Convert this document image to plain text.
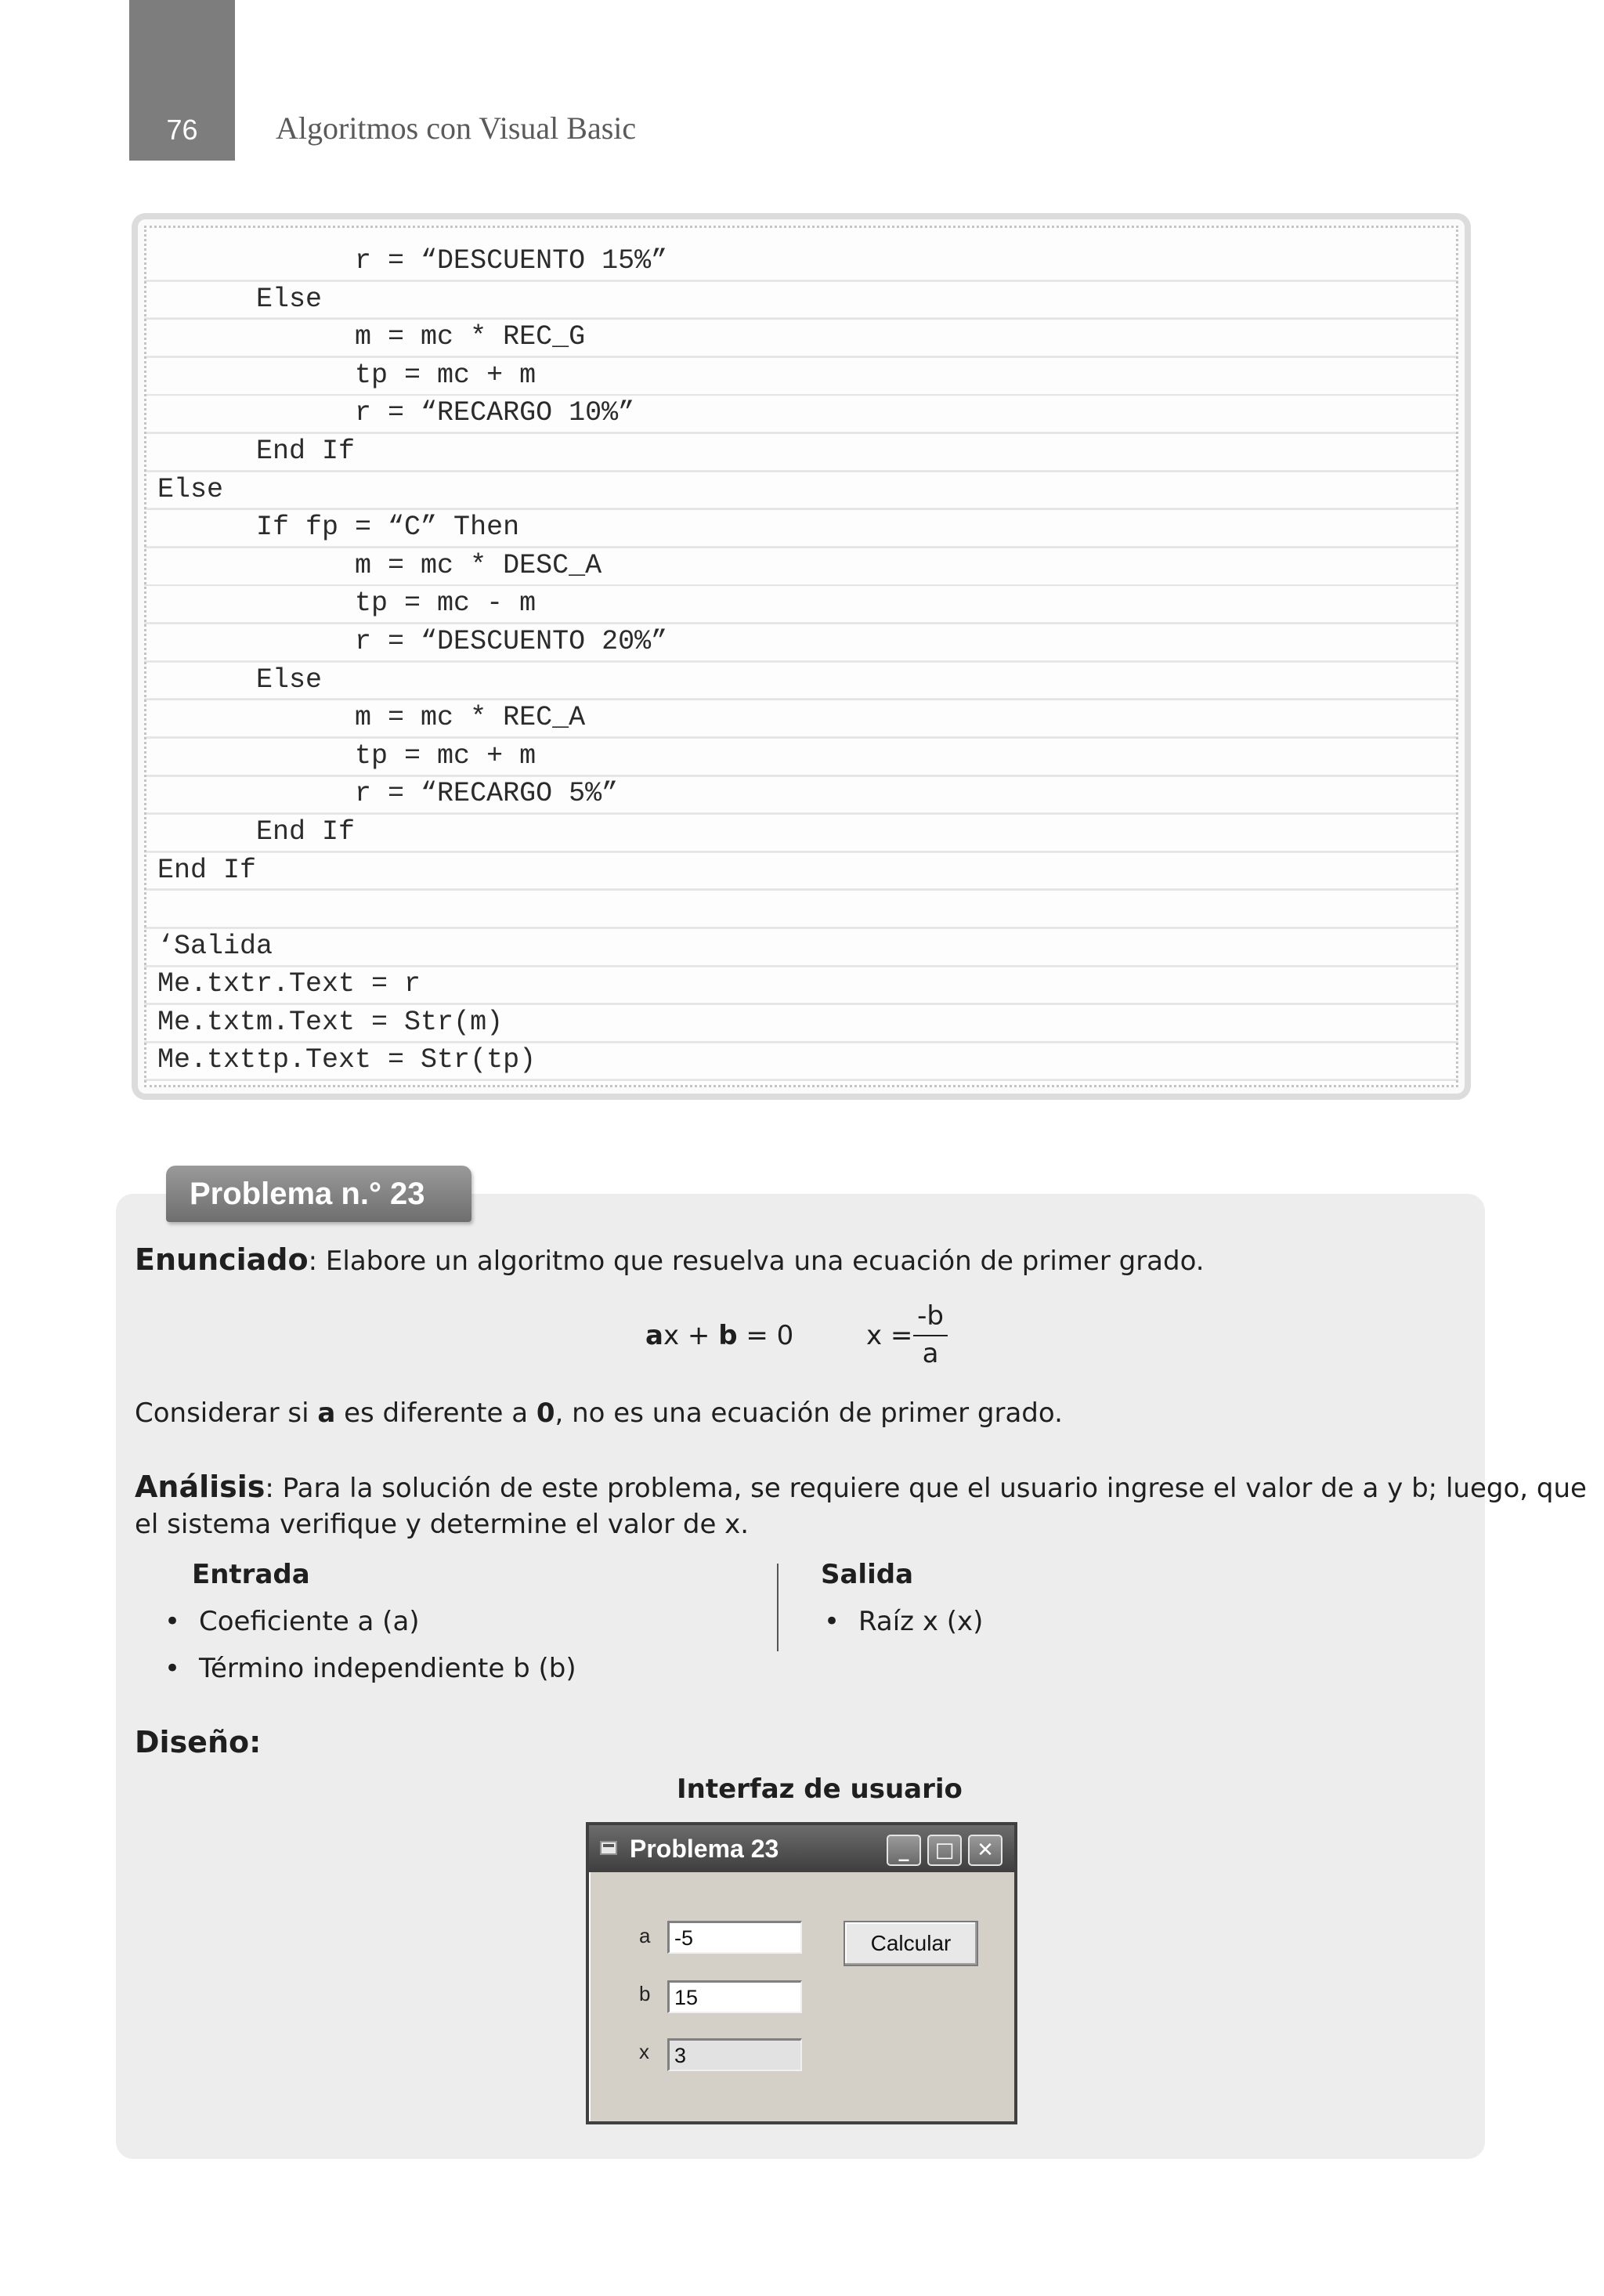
76	Algoritmos con Visual Basic
r = “DESCUENTO 15%”
Else
m = mc * REC_G
tp = mc + m
r = “RECARGO 10%”
End If
Else
If fp = “C” Then
m = mc * DESC_A
tp = mc - m
r = “DESCUENTO 20%”
Else
m = mc * REC_A
tp = mc + m
r = “RECARGO 5%”
End If
End If
‘Salida
Me.txtr.Text = r
Me.txtm.Text = Str(m)
Me.txttp.Text = Str(tp)
Problema n.° 23
Enunciado: Elabore un algoritmo que resuelva una ecuación de primer grado.
ax + b = 0	x =
-b
a
Considerar si a es diferente a 0, no es una ecuación de primer grado.
Análisis: Para la solución de este problema, se requiere que el usuario ingrese el valor de a y b; luego, que
el sistema verifique y determine el valor de x.
Entrada
• Coeficiente a (a)
• Término independiente b (b)
Salida
• Raíz x (x)
Diseño:
Interfaz de usuario
Problema 23	_	□	✕
a	-5
b	15
x	3
Calcular
